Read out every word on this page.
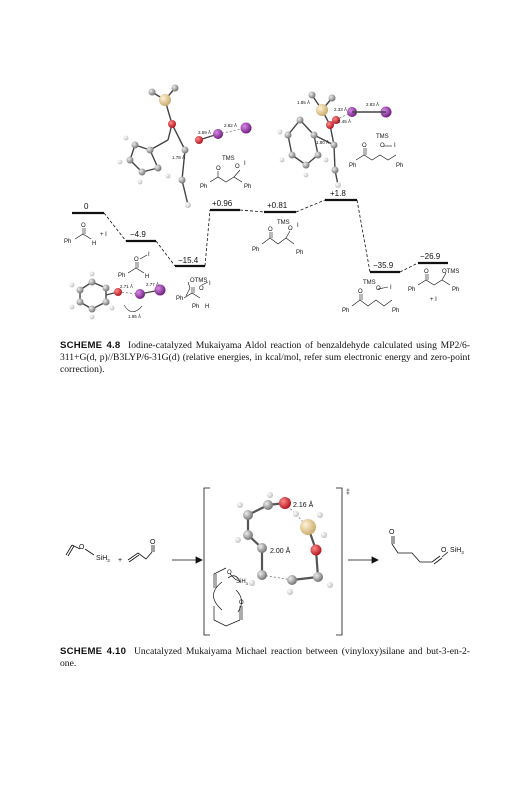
0
−4.9
−15.4
+0.96	+0.81
+1.8
−35.9
−26.9
O
Ph	H
+ I
O
I
Ph	H
OTMS
O
I
Ph
Ph H
TMS
O O I
Ph	Ph
TMS
O	O I
Ph	Ph
TMS
O O I
Ph	Ph
TMS
O O I
Ph	Ph
OTMS
O
Ph	Ph
+ I
2.82 Å
3.59 Å
1.78 Å
1.85 Å
2.33 Å
2.83 Å
2.45 Å
1.80 Å
2.71 Å	2.77 Å
1.95 Å
O
SiH$_3$ +
O
‡
2.16 Å
2.00 Å
O
SiH$_3$
O
O
O SiH$_3$
SCHEME 4.8 Iodine-catalyzed Mukaiyama Aldol reaction of benzaldehyde calculated using MP2/6-311+G(d, p)//B3LYP/6-31G(d) (relative energies, in kcal/mol, refer sum electronic energy and zero-point correction).
SCHEME 4.10 Uncatalyzed Mukaiyama Michael reaction between (vinyloxy)silane and but-3-en-2-one.
